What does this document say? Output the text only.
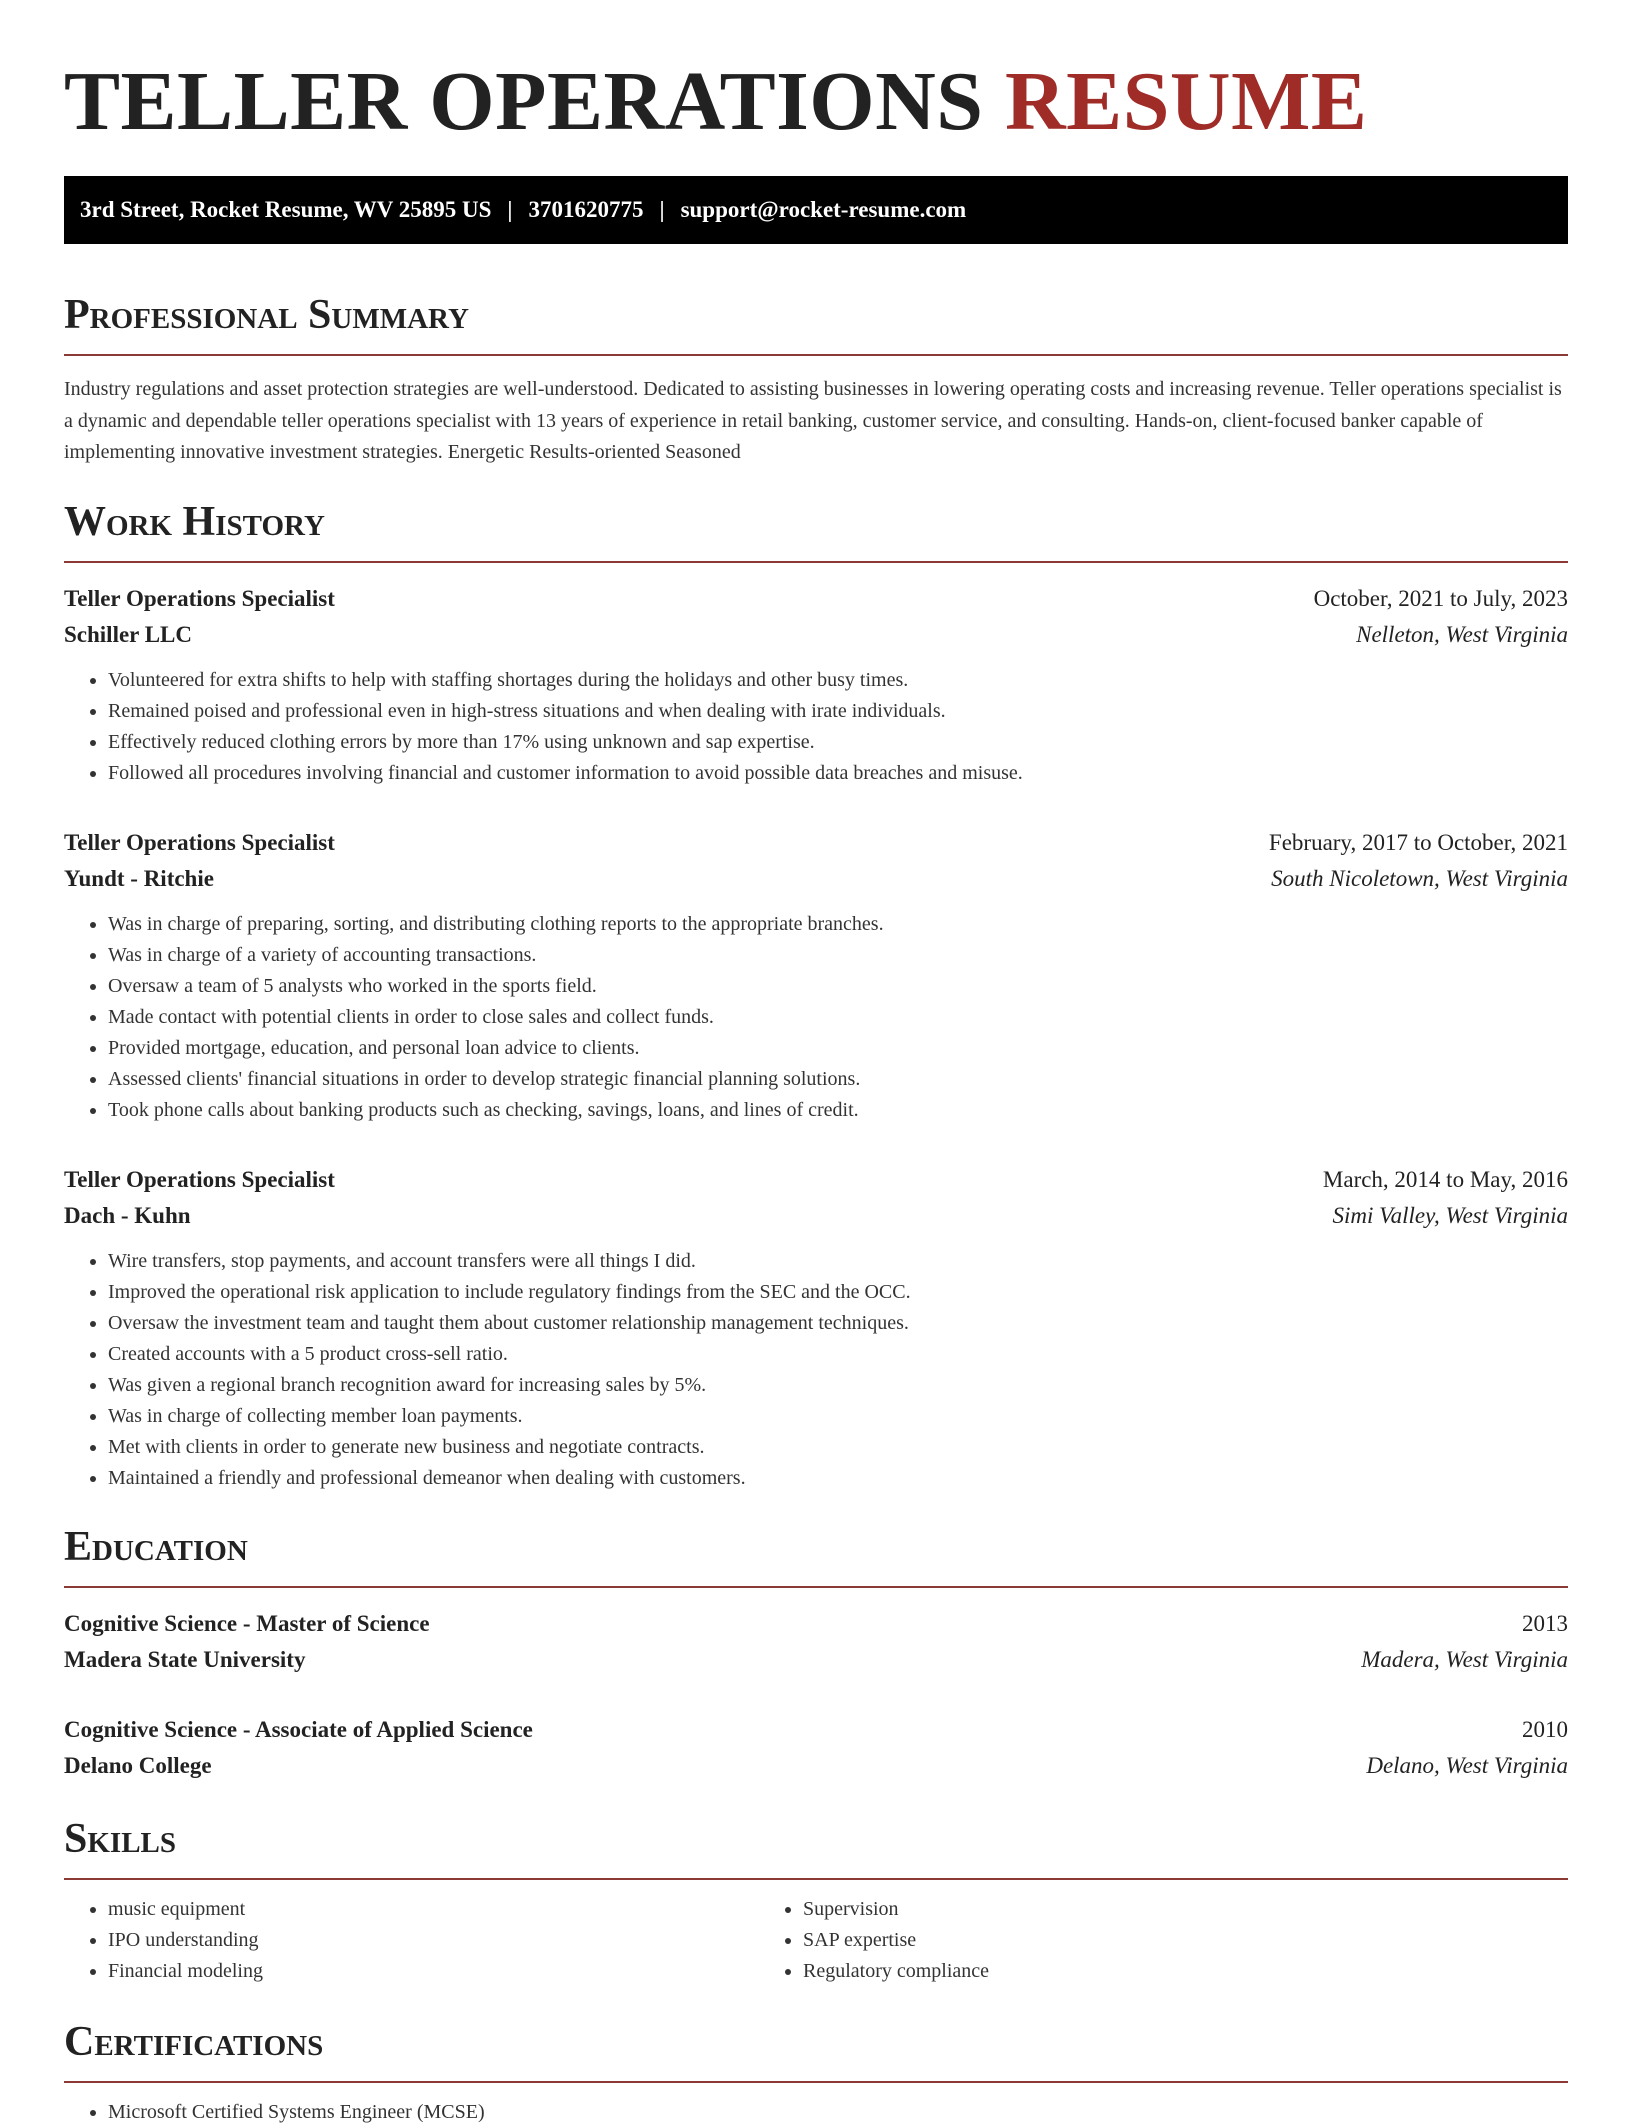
TELLER OPERATIONS RESUME
3rd Street, Rocket Resume, WV 25895 US | 3701620775 | support@rocket-resume.com
Professional Summary

Industry regulations and asset protection strategies are well-understood. Dedicated to assisting businesses in lowering operating costs and increasing revenue. Teller operations specialist is a dynamic and dependable teller operations specialist with 13 years of experience in retail banking, customer service, and consulting. Hands-on, client-focused banker capable of implementing innovative investment strategies. Energetic Results-oriented Seasoned

Work History
Teller Operations Specialist	October, 2021 to July, 2023
Schiller LLC	Nelleton, West Virginia
• Volunteered for extra shifts to help with staffing shortages during the holidays and other busy times.
• Remained poised and professional even in high-stress situations and when dealing with irate individuals.
• Effectively reduced clothing errors by more than 17% using unknown and sap expertise.
• Followed all procedures involving financial and customer information to avoid possible data breaches and misuse.
Teller Operations Specialist	February, 2017 to October, 2021
Yundt - Ritchie	South Nicoletown, West Virginia
• Was in charge of preparing, sorting, and distributing clothing reports to the appropriate branches.
• Was in charge of a variety of accounting transactions.
• Oversaw a team of 5 analysts who worked in the sports field.
• Made contact with potential clients in order to close sales and collect funds.
• Provided mortgage, education, and personal loan advice to clients.
• Assessed clients' financial situations in order to develop strategic financial planning solutions.
• Took phone calls about banking products such as checking, savings, loans, and lines of credit.
Teller Operations Specialist	March, 2014 to May, 2016
Dach - Kuhn	Simi Valley, West Virginia
• Wire transfers, stop payments, and account transfers were all things I did.
• Improved the operational risk application to include regulatory findings from the SEC and the OCC.
• Oversaw the investment team and taught them about customer relationship management techniques.
• Created accounts with a 5 product cross-sell ratio.
• Was given a regional branch recognition award for increasing sales by 5%.
• Was in charge of collecting member loan payments.
• Met with clients in order to generate new business and negotiate contracts.
• Maintained a friendly and professional demeanor when dealing with customers.
Education
Cognitive Science - Master of Science	2013
Madera State University	Madera, West Virginia
Cognitive Science - Associate of Applied Science	2010
Delano College	Delano, West Virginia
Skills
• music equipment
• IPO understanding
• Financial modeling
• Supervision
• SAP expertise
• Regulatory compliance
Certifications
• Microsoft Certified Systems Engineer (MCSE)
